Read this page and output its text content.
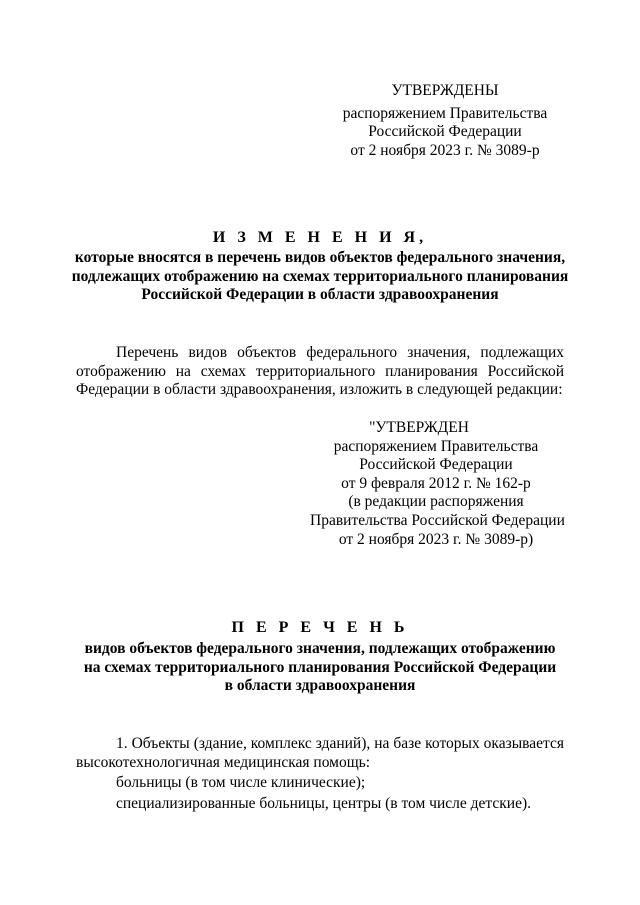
УТВЕРЖДЕНЫ
распоряжением Правительства
Российской Федерации
от 2 ноября 2023 г. № 3089-р
И З М Е Н Е Н И Я,
которые вносятся в перечень видов объектов федерального значения,
подлежащих отображению на схемах территориального планирования
Российской Федерации в области здравоохранения
Перечень видов объектов федерального значения, подлежащих
отображению на схемах территориального планирования Российской
Федерации в области здравоохранения, изложить в следующей редакции:
"УТВЕРЖДЕН
распоряжением Правительства
Российской Федерации
от 9 февраля 2012 г. № 162-р
(в редакции распоряжения
Правительства Российской Федерации
от 2 ноября 2023 г. № 3089-р)
П Е Р Е Ч Е Н Ь
видов объектов федерального значения, подлежащих отображению
на схемах территориального планирования Российской Федерации
в области здравоохранения
1. Объекты (здание, комплекс зданий), на базе которых оказывается
высокотехнологичная медицинская помощь:
больницы (в том числе клинические);
специализированные больницы, центры (в том числе детские).
